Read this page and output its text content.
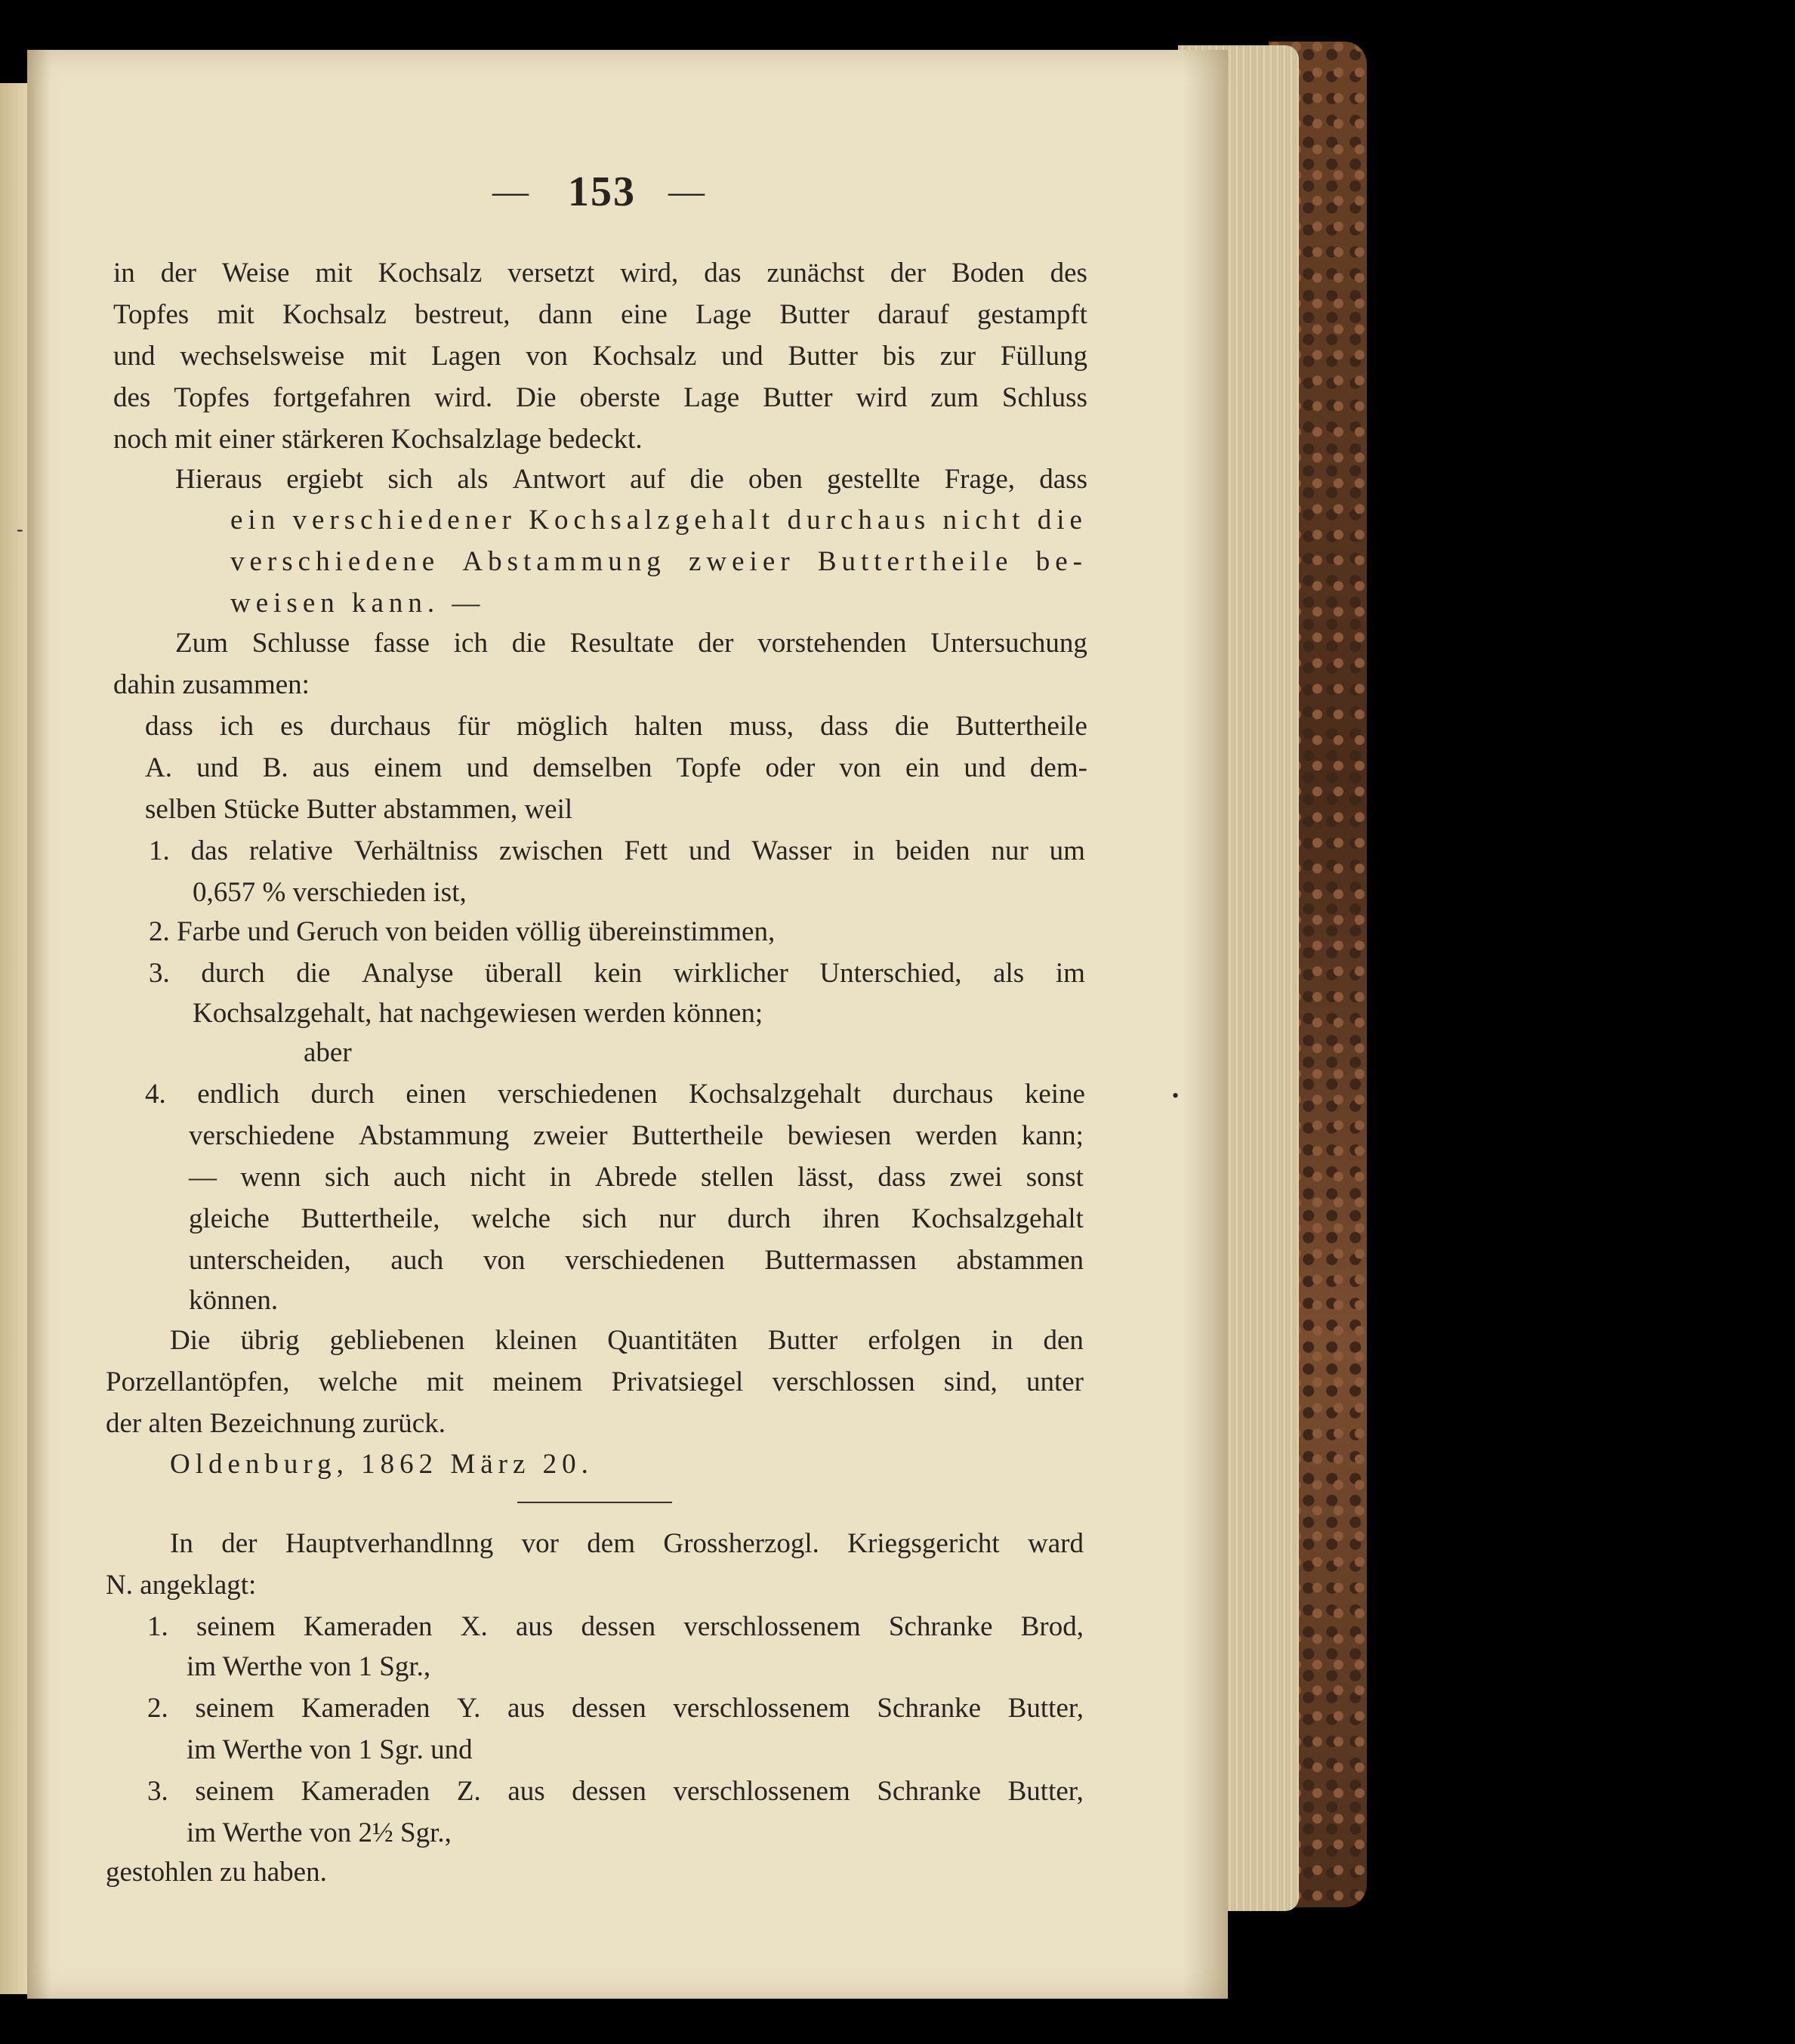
— 153 —
-
•
in der Weise mit Kochsalz versetzt wird, das zunächst der Boden des
Topfes mit Kochsalz bestreut, dann eine Lage Butter darauf gestampft
und wechselsweise mit Lagen von Kochsalz und Butter bis zur Füllung
des Topfes fortgefahren wird. Die oberste Lage Butter wird zum Schluss
noch mit einer stärkeren Kochsalzlage bedeckt.
Hieraus ergiebt sich als Antwort auf die oben gestellte Frage, dass
ein verschiedener Kochsalzgehalt durchaus nicht die
verschiedene Abstammung zweier Buttertheile be-
weisen kann. —
Zum Schlusse fasse ich die Resultate der vorstehenden Untersuchung
dahin zusammen:
dass ich es durchaus für möglich halten muss, dass die Buttertheile
A. und B. aus einem und demselben Topfe oder von ein und dem-
selben Stücke Butter abstammen, weil
1. das relative Verhältniss zwischen Fett und Wasser in beiden nur um
0,657 % verschieden ist,
2. Farbe und Geruch von beiden völlig übereinstimmen,
3. durch die Analyse überall kein wirklicher Unterschied, als im
Kochsalzgehalt, hat nachgewiesen werden können;
aber
4. endlich durch einen verschiedenen Kochsalzgehalt durchaus keine
verschiedene Abstammung zweier Buttertheile bewiesen werden kann;
— wenn sich auch nicht in Abrede stellen lässt, dass zwei sonst
gleiche Buttertheile, welche sich nur durch ihren Kochsalzgehalt
unterscheiden, auch von verschiedenen Buttermassen abstammen
können.
Die übrig gebliebenen kleinen Quantitäten Butter erfolgen in den
Porzellantöpfen, welche mit meinem Privatsiegel verschlossen sind, unter
der alten Bezeichnung zurück.
Oldenburg, 1862 März 20.
In der Hauptverhandlnng vor dem Grossherzogl. Kriegsgericht ward
N. angeklagt:
1. seinem Kameraden X. aus dessen verschlossenem Schranke Brod,
im Werthe von 1 Sgr.,
2. seinem Kameraden Y. aus dessen verschlossenem Schranke Butter,
im Werthe von 1 Sgr. und
3. seinem Kameraden Z. aus dessen verschlossenem Schranke Butter,
im Werthe von 2½ Sgr.,
gestohlen zu haben.
